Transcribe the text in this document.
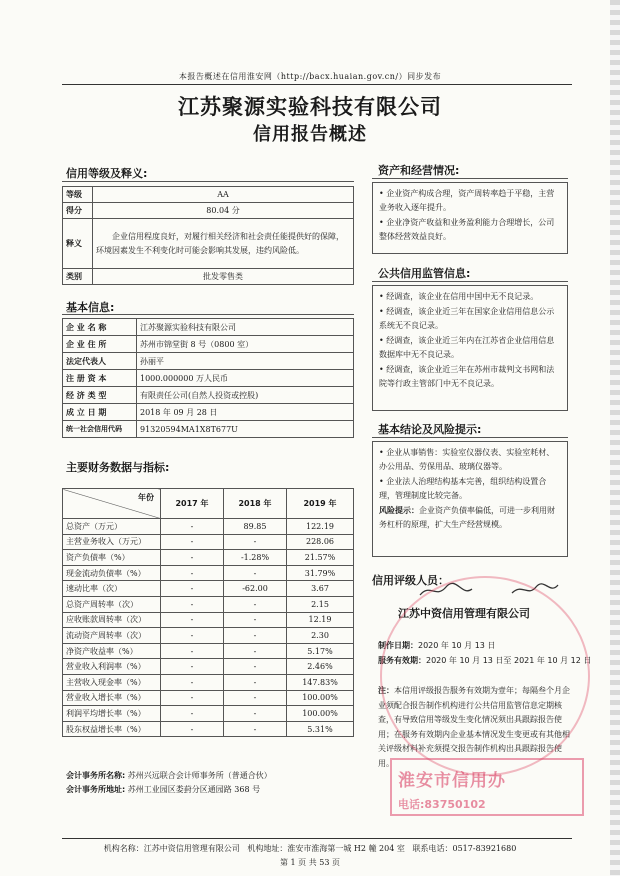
本报告概述在信用淮安网（http://bacx.huaian.gov.cn/）同步发布
江苏聚源实验科技有限公司
信用报告概述
信用等级及释义:
等级	AA
得分	80.04 分
释义	企业信用程度良好，对履行相关经济和社会责任能提供好的保障，环境因素发生不利变化时可能会影响其发展，违约风险低。
类别	批发零售类
基本信息:
企 业 名 称	江苏聚源实验科技有限公司
企 业 住 所	苏州市锦堂街 8 号（0800 室）
法定代表人	孙丽平
注 册 资 本	1000.000000 万人民币
经 济 类 型	有限责任公司(自然人投资或控股)
成 立 日 期	2018 年 09 月 28 日
统一社会信用代码	91320594MA1X8T677U
主要财务数据与指标:
年份	2017 年	2018 年	2019 年
总资产（万元）	-	89.85	122.19
主营业务收入（万元）	-	-	228.06
资产负债率（%）	-	-1.28%	21.57%
现金流动负债率（%）	-	-	31.79%
速动比率（次）	-	-62.00	3.67
总资产周转率（次）	-	-	2.15
应收账款周转率（次）	-	-	12.19
流动资产周转率（次）	-	-	2.30
净资产收益率（%）	-	-	5.17%
营业收入利润率（%）	-	-	2.46%
主营收入现金率（%）	-	-	147.83%
营业收入增长率（%）	-	-	100.00%
利润平均增长率（%）	-	-	100.00%
股东权益增长率（%）	-	-	5.31%
会计事务所名称: 苏州兴远联合会计师事务所（普通合伙）
会计事务所地址: 苏州工业园区娄葑分区通园路 368 号
资产和经营情况:

• 企业资产构成合理，资产周转率趋于平稳，主营业务收入逐年提升。

• 企业净资产收益和业务盈利能力合理增长，公司整体经营效益良好。

公共信用监管信息:

• 经调查，该企业在信用中国中无不良记录。

• 经调查，该企业近三年在国家企业信用信息公示系统无不良记录。

• 经调查，该企业近三年内在江苏省企业信用信息数据库中无不良记录。

• 经调查，该企业近三年在苏州市裁判文书网和法院等行政主管部门中无不良记录。

基本结论及风险提示:

• 企业从事销售：实验室仪器仪表、实验室耗材、办公用品、劳保用品、玻璃仪器等。

• 企业法人治理结构基本完善，组织结构设置合理，管理制度比较完备。

风险提示：企业资产负债率偏低，可进一步利用财务杠杆的原理，扩大生产经营规模。

信用评级人员：
江苏中资信用管理有限公司
制作日期：2020 年 10 月 13 日
服务有效期：2020 年 10 月 13 日至 2021 年 10 月 12 日
注：本信用评级报告服务有效期为壹年；每隔叁个月企业须配合报告制作机构进行公共信用监管信息定期核查，有导致信用等级发生变化情况须出具跟踪报告使用；在服务有效期内企业基本情况发生变更或有其他相关评级材料补充须提交报告制作机构出具跟踪报告使用。
淮安市信用办
电话:83750102
机构名称：江苏中资信用管理有限公司 机构地址：淮安市淮海第一城 H2 幢 204 室 联系电话：0517-83921680
第 1 页 共 53 页
